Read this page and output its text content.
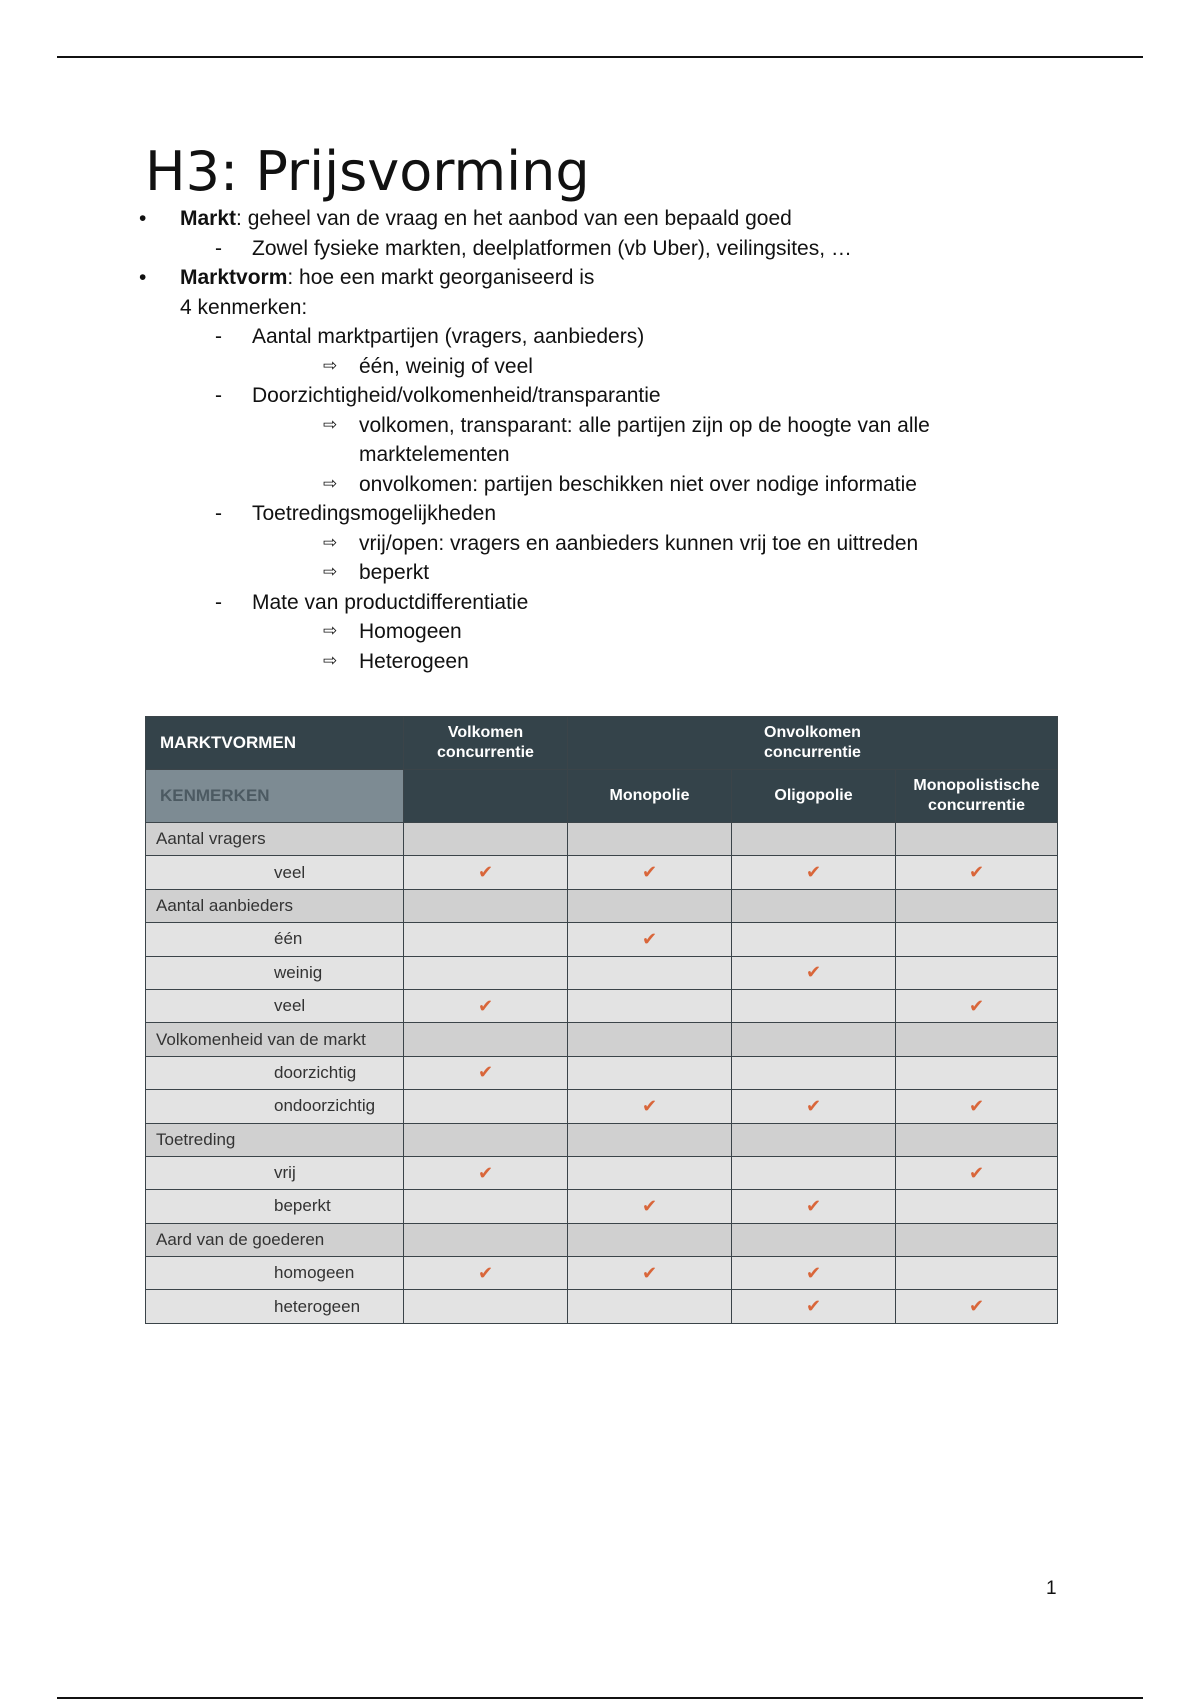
H3: Prijsvorming
• Markt: geheel van de vraag en het aanbod van een bepaald goed
- Zowel fysieke markten, deelplatformen (vb Uber), veilingsites, …
• Marktvorm: hoe een markt georganiseerd is
4 kenmerken:
- Aantal marktpartijen (vragers, aanbieders)
⇨ één, weinig of veel
- Doorzichtigheid/volkomenheid/transparantie
⇨ volkomen, transparant: alle partijen zijn op de hoogte van alle marktelementen
⇨ onvolkomen: partijen beschikken niet over nodige informatie
- Toetredingsmogelijkheden
⇨ vrij/open: vragers en aanbieders kunnen vrij toe en uittreden
⇨ beperkt
- Mate van productdifferentiatie
⇨ Homogeen
⇨ Heterogeen
MARKTVORMEN	Volkomen concurrentie	Onvolkomen concurrentie		
KENMERKEN		Monopolie	Oligopolie	Monopolistische concurrentie
Aantal vragers				
veel	✔	✔	✔	✔
Aantal aanbieders				
één		✔		
weinig			✔	
veel	✔			✔
Volkomenheid van de markt				
doorzichtig	✔			
ondoorzichtig		✔	✔	✔
Toetreding				
vrij	✔			✔
beperkt		✔	✔	
Aard van de goederen				
homogeen	✔	✔	✔	
heterogeen			✔	✔
1
